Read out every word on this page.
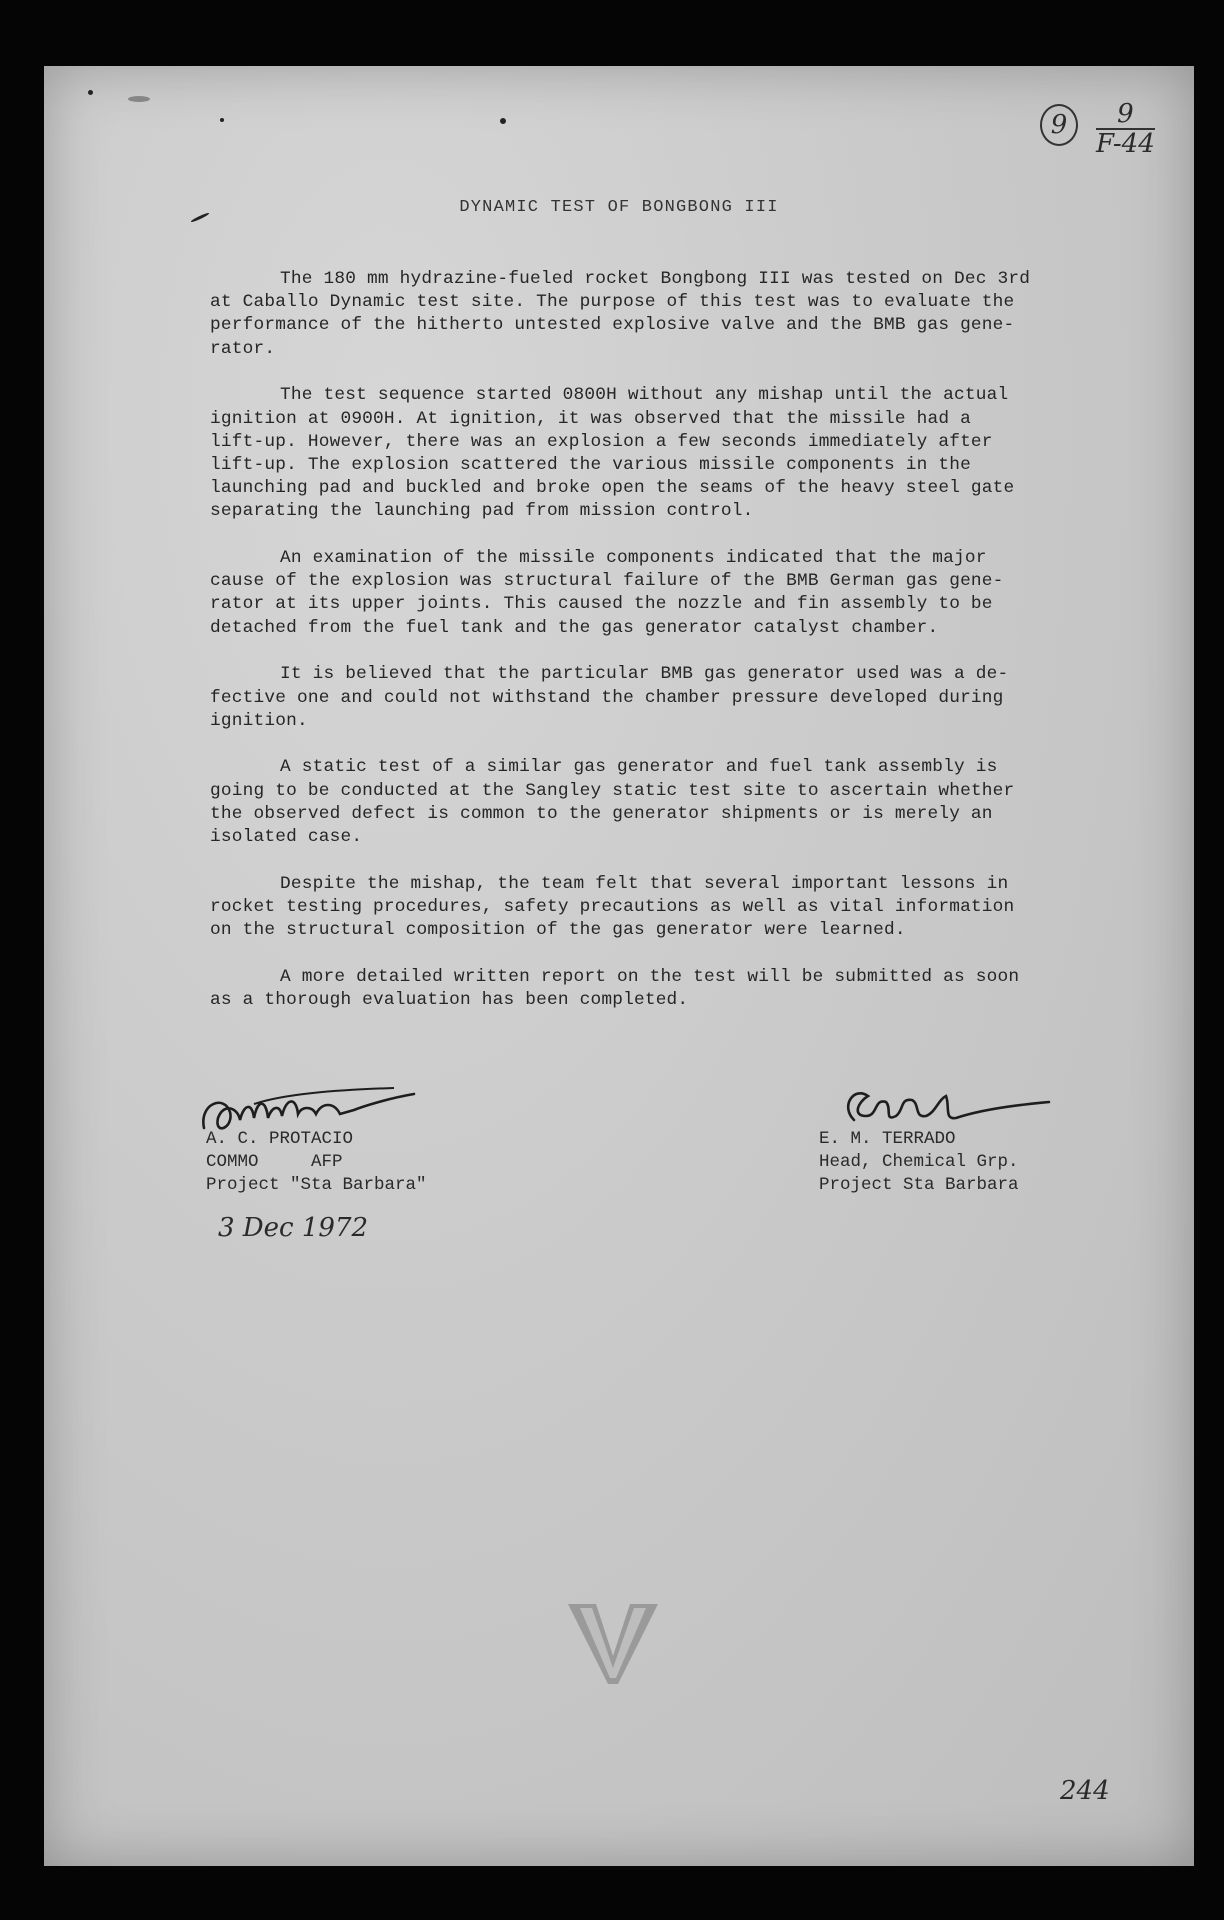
9	9
F-44
DYNAMIC TEST OF BONGBONG III

The 180 mm hydrazine-fueled rocket Bongbong III was tested on Dec 3rd
at Caballo Dynamic test site. The purpose of this test was to evaluate the
performance of the hitherto untested explosive valve and the BMB gas gene-
rator.

The test sequence started 0800H without any mishap until the actual
ignition at 0900H. At ignition, it was observed that the missile had a
lift-up. However, there was an explosion a few seconds immediately after
lift-up. The explosion scattered the various missile components in the
launching pad and buckled and broke open the seams of the heavy steel gate
separating the launching pad from mission control.

An examination of the missile components indicated that the major
cause of the explosion was structural failure of the BMB German gas gene-
rator at its upper joints. This caused the nozzle and fin assembly to be
detached from the fuel tank and the gas generator catalyst chamber.

It is believed that the particular BMB gas generator used was a de-
fective one and could not withstand the chamber pressure developed during
ignition.

A static test of a similar gas generator and fuel tank assembly is
going to be conducted at the Sangley static test site to ascertain whether
the observed defect is common to the generator shipments or is merely an
isolated case.

Despite the mishap, the team felt that several important lessons in
rocket testing procedures, safety precautions as well as vital information
on the structural composition of the gas generator were learned.

A more detailed written report on the test will be submitted as soon
as a thorough evaluation has been completed.

A. C. PROTACIO
COMMO     AFP
Project "Sta Barbara"
E. M. TERRADO
Head, Chemical Grp.
Project Sta Barbara
3 Dec 1972
244
